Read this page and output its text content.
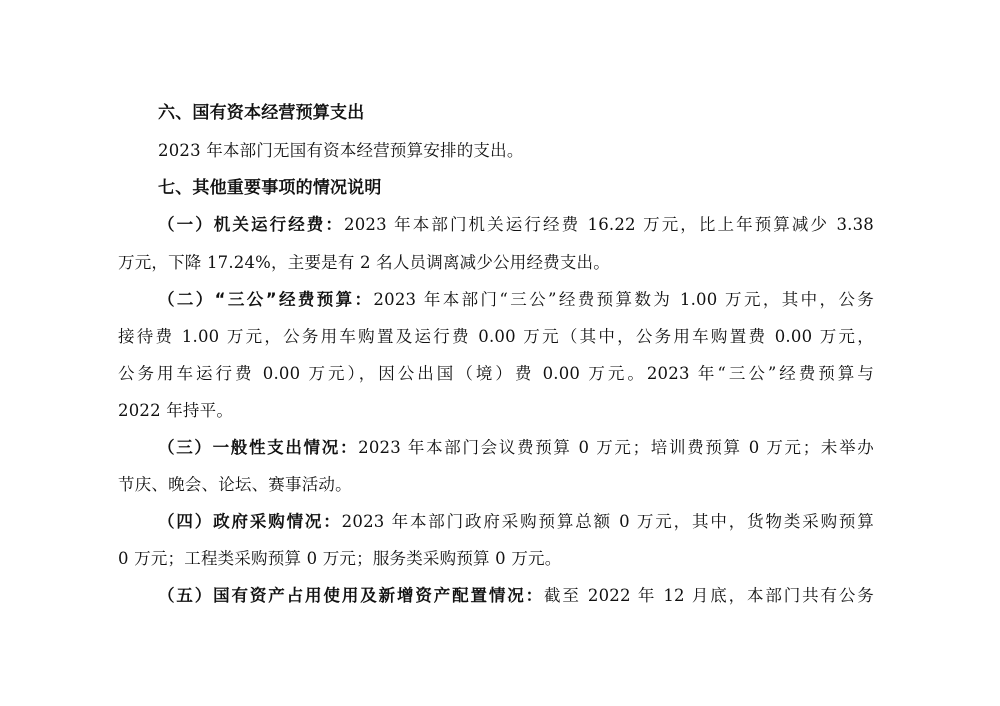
六、国有资本经营预算支出
2023 年本部门无国有资本经营预算安排的支出。
七、其他重要事项的情况说明
（一）机关运行经费：2023 年本部门机关运行经费 16.22 万元，比上年预算减少 3.38
万元，下降 17.24%，主要是有 2 名人员调离减少公用经费支出。
（二）“三公”经费预算：2023 年本部门“三公”经费预算数为 1.00 万元，其中，公务
接待费 1.00 万元，公务用车购置及运行费 0.00 万元（其中，公务用车购置费 0.00 万元，
公务用车运行费 0.00 万元），因公出国（境）费 0.00 万元。2023 年“三公”经费预算与
2022 年持平。
（三）一般性支出情况：2023 年本部门会议费预算 0 万元；培训费预算 0 万元；未举办
节庆、晚会、论坛、赛事活动。
（四）政府采购情况：2023 年本部门政府采购预算总额 0 万元，其中，货物类采购预算
0 万元；工程类采购预算 0 万元；服务类采购预算 0 万元。
（五）国有资产占用使用及新增资产配置情况：截至 2022 年 12 月底，本部门共有公务
